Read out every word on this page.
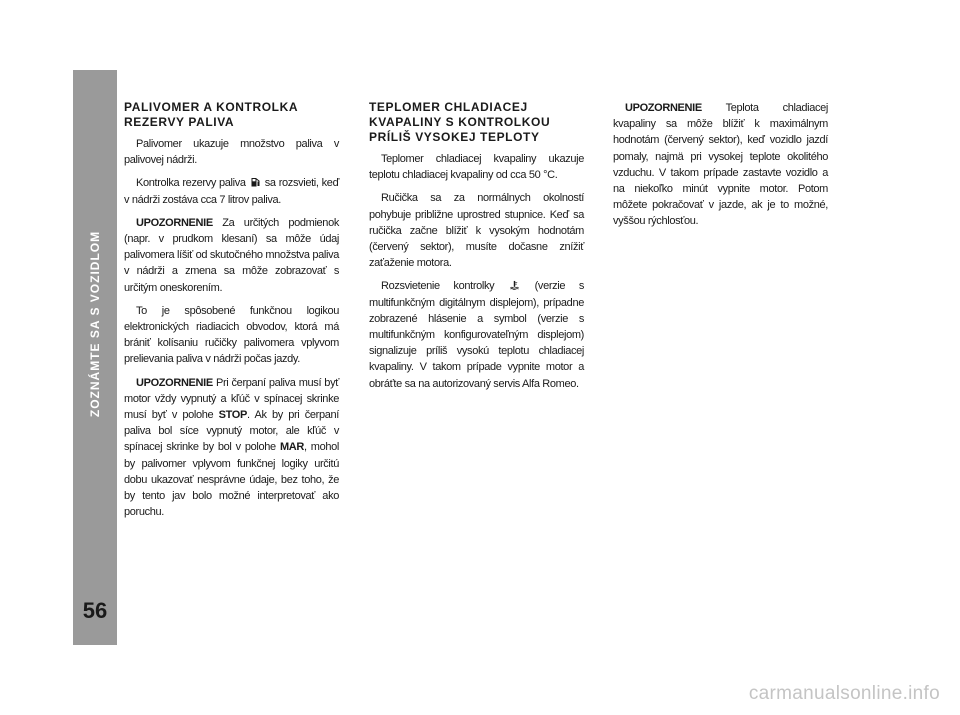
ZOZNÁMTE SA S VOZIDLOM
56
PALIVOMER A KONTROLKA REZERVY PALIVA
Palivomer ukazuje množstvo paliva v palivovej nádrži.
Kontrolka rezervy paliva sa rozsvieti, keď v nádrži zostáva cca 7 litrov paliva.
UPOZORNENIE Za určitých podmienok (napr. v prudkom klesaní) sa môže údaj palivomera líšiť od skutočného množstva paliva v nádrži a zmena sa môže zobrazovať s určitým oneskorením.
To je spôsobené funkčnou logikou elektronických riadiacich obvodov, ktorá má brániť kolísaniu ručičky palivomera vplyvom prelievania paliva v nádrži počas jazdy.
UPOZORNENIE Pri čerpaní paliva musí byť motor vždy vypnutý a kľúč v spínacej skrinke musí byť v polohe STOP. Ak by pri čerpaní paliva bol síce vypnutý motor, ale kľúč v spínacej skrinke by bol v polohe MAR, mohol by palivomer vplyvom funkčnej logiky určitú dobu ukazovať nesprávne údaje, bez toho, že by tento jav bolo možné interpretovať ako poruchu.
TEPLOMER CHLADIACEJ KVAPALINY S KONTROLKOU PRÍLIŠ VYSOKEJ TEPLOTY
Teplomer chladiacej kvapaliny ukazuje teplotu chladiacej kvapaliny od cca 50 °C.
Ručička sa za normálnych okolností pohybuje približne uprostred stupnice. Keď sa ručička začne blížiť k vysokým hodnotám (červený sektor), musíte dočasne znížiť zaťaženie motora.
Rozsvietenie kontrolky	(verzie s multifunkčným digitálnym displejom), prípadne zobrazené hlásenie a symbol (verzie s multifunkčným konfigurovateľným displejom) signalizuje príliš vysokú teplotu chladiacej kvapaliny. V takom prípade vypnite motor a obráťte sa na autorizovaný servis Alfa Romeo.
UPOZORNENIE Teplota chladiacej kvapaliny sa môže blížiť k maximálnym hodnotám (červený sektor), keď vozidlo jazdí pomaly, najmä pri vysokej teplote okolitého vzduchu. V takom prípade zastavte vozidlo a na niekoľko minút vypnite motor. Potom môžete pokračovať v jazde, ak je to možné, vyššou rýchlosťou.
carmanualsonline.info
